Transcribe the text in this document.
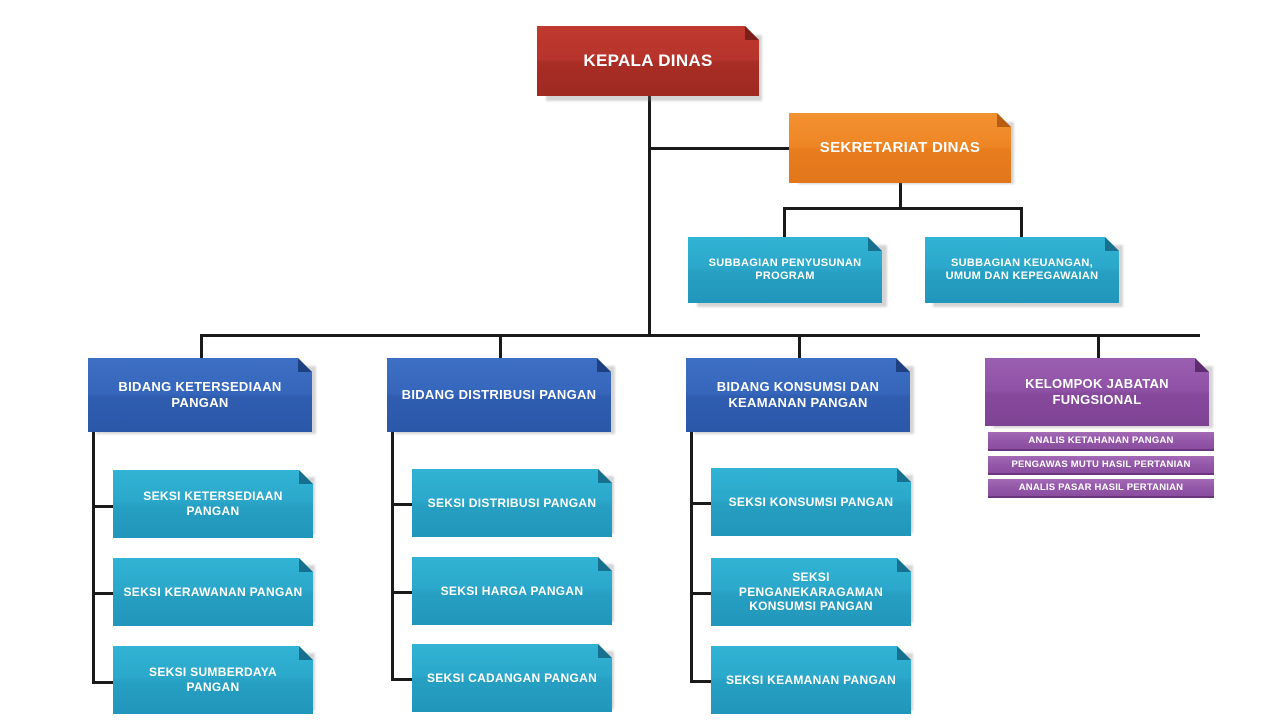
KEPALA DINAS
SEKRETARIAT DINAS
SUBBAGIAN PENYUSUNAN PROGRAM
SUBBAGIAN KEUANGAN, UMUM DAN KEPEGAWAIAN
BIDANG KETERSEDIAAN PANGAN
BIDANG DISTRIBUSI PANGAN
BIDANG KONSUMSI DAN KEAMANAN PANGAN
KELOMPOK JABATAN FUNGSIONAL
ANALIS KETAHANAN PANGAN
PENGAWAS MUTU HASIL PERTANIAN
ANALIS PASAR HASIL PERTANIAN
SEKSI KETERSEDIAAN PANGAN
SEKSI KERAWANAN PANGAN
SEKSI SUMBERDAYA PANGAN
SEKSI DISTRIBUSI PANGAN
SEKSI HARGA PANGAN
SEKSI CADANGAN PANGAN
SEKSI KONSUMSI PANGAN
SEKSI PENGANEKARAGAMAN KONSUMSI PANGAN
SEKSI KEAMANAN PANGAN
